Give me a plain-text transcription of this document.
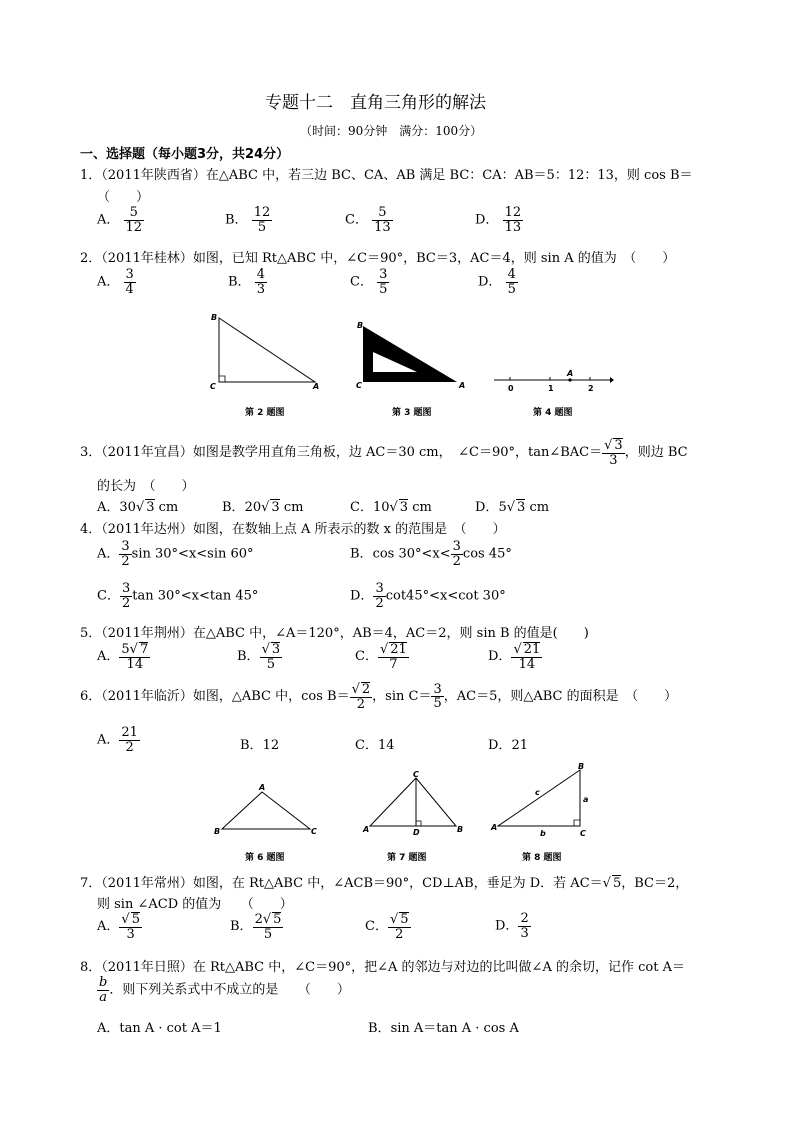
专题十二　直角三角形的解法
（时间：90分钟　满分：100分）
一、选择题（每小题3分，共24分）
1．（2011年陕西省）在△ABC 中，若三边 BC、CA、AB 满足 BC：CA：AB＝5：12：13，则 cos B＝
（　　）
A． $\frac{5}{12}$	B． $\frac{12}{5}$	C． $\frac{5}{13}$	D． $\frac{12}{13}$
2．（2011年桂林）如图，已知 Rt△ABC 中，∠C＝90°，BC＝3，AC＝4，则 sin A 的值为　（　　）
A． $\frac{3}{4}$	B． $\frac{4}{3}$	C． $\frac{3}{5}$	D． $\frac{4}{5}$
B
C	A
第 2 题图
B
C	A
第 3 题图
0	1	2
A
第 4 题图
3．（2011年宜昌）如图是教学用直角三角板，边 AC＝30 cm，　∠C＝90°，tan∠BAC＝ $\frac{√ 3}{3}$ ，则边 BC
的长为　（　　）
A．30√ 3 cm	B．20√ 3 cm	C．10√ 3 cm	D．5√ 3 cm
4．（2011年达州）如图，在数轴上点 A 所表示的数 x 的范围是　（　　）
A． $\frac{3}{2}$ sin 30°<x<sin 60°	B．$\cos 30^\circ<x< \frac{3}{2}$ cos 45°
C． $\frac{3}{2}$ tan 30°<x<tan 45°	D． $\frac{3}{2} \cot 45^\circ<x<\cot$ 30°
5．（2011年荆州）在△ABC 中，∠A＝120°，AB＝4，AC＝2，则 sin B 的值是(　　)
A． $\frac{5√ 7}{14}$	B． $\frac{√ 3}{5}$	C． $\frac{√ 21}{7}$	D． $\frac{√ 21}{14}$
6．（2011年临沂）如图，△ABC 中，$\cos B= \frac{√ 2}{2}$ ，$\sin C= \frac{3}{5}$ ，AC＝5，则△ABC 的面积是　（　　）
A． $\frac{21}{2}$	B．12	C．14	D．21
A
B	C
第 6 题图
C
A	D	B
第 7 题图
B
c
a
A
b	C
第 8 题图
7．（2011年常州）如图，在 Rt△ABC 中，∠ACB＝90°，CD⊥AB，垂足为 D．若 AC＝√ 5，BC＝2，
则 sin ∠ACD 的值为　　（　　）
A． $\frac{√ 5}{3}$	B． $\frac{2√ 5}{5}$	C． $\frac{√ 5}{2}$	D． $\frac{2}{3}$
8．（2011年日照）在 Rt△ABC 中，∠C＝90°，把∠A 的邻边与对边的比叫做∠A 的余切，记作 cot A＝
$\frac{b}{a}$ ．则下列关系式中不成立的是　　（　　）
A．tan A · cot A＝1	B．sin A＝tan A · cos A
